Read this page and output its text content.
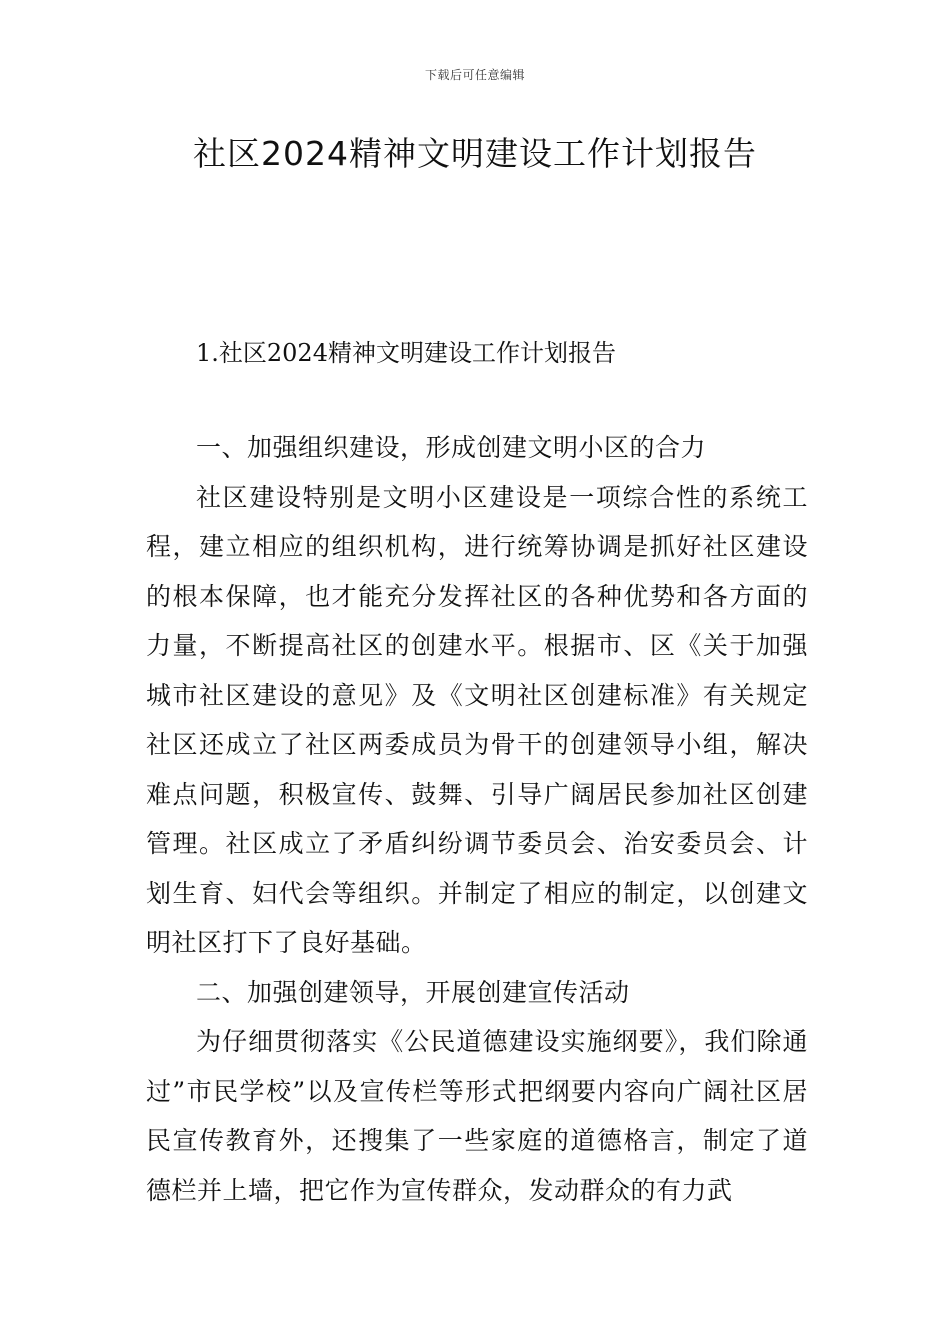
下载后可任意编辑
社区2024精神文明建设工作计划报告
1.社区2024精神文明建设工作计划报告

一、加强组织建设，形成创建文明小区的合力

社区建设特别是文明小区建设是一项综合性的系统工程，建立相应的组织机构，进行统筹协调是抓好社区建设的根本保障，也才能充分发挥社区的各种优势和各方面的力量，不断提高社区的创建水平。根据市、区《关于加强城市社区建设的意见》及《文明社区创建标准》有关规定社区还成立了社区两委成员为骨干的创建领导小组，解决难点问题，积极宣传、鼓舞、引导广阔居民参加社区创建管理。社区成立了矛盾纠纷调节委员会、治安委员会、计划生育、妇代会等组织。并制定了相应的制定，以创建文明社区打下了良好基础。

二、加强创建领导，开展创建宣传活动

为仔细贯彻落实《公民道德建设实施纲要》，我们除通过”市民学校”以及宣传栏等形式把纲要内容向广阔社区居民宣传教育外，还搜集了一些家庭的道德格言，制定了道德栏并上墙，把它作为宣传群众，发动群众的有力武
